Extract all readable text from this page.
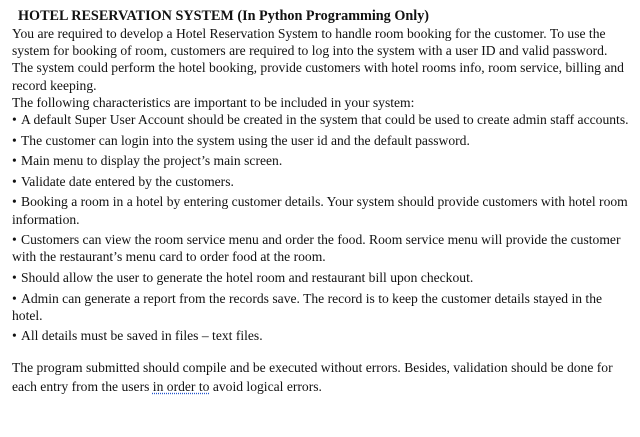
HOTEL RESERVATION SYSTEM (In Python Programming Only)

You are required to develop a Hotel Reservation System to handle room booking for the customer. To use the system for booking of room, customers are required to log into the system with a user ID and valid password. The system could perform the hotel booking, provide customers with hotel rooms info, room service, billing and record keeping.

The following characteristics are important to be included in your system:

• A default Super User Account should be created in the system that could be used to create admin staff accounts.
• The customer can login into the system using the user id and the default password.
• Main menu to display the project’s main screen.
• Validate date entered by the customers.
• Booking a room in a hotel by entering customer details. Your system should provide customers with hotel room information.
• Customers can view the room service menu and order the food. Room service menu will provide the customer with the restaurant’s menu card to order food at the room.
• Should allow the user to generate the hotel room and restaurant bill upon checkout.
• Admin can generate a report from the records save. The record is to keep the customer details stayed in the hotel.
• All details must be saved in files – text files.

The program submitted should compile and be executed without errors. Besides, validation should be done for each entry from the users in order to avoid logical errors.
